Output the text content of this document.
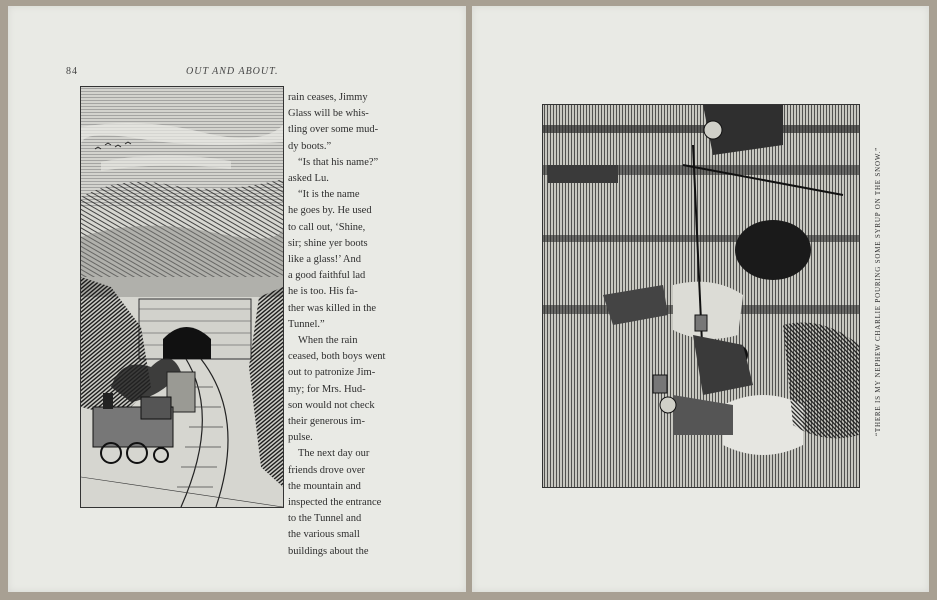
84	OUT AND ABOUT.

rain ceases, Jimmy

Glass will be whis-

tling over some mud-

dy boots.”

“Is that his name?”

asked Lu.

“It is the name

he goes by. He used

to call out, ‘Shine,

sir; shine yer boots

like a glass!’ And

a good faithful lad

he is too. His fa-

ther was killed in the

Tunnel.”

When the rain

ceased, both boys went

out to patronize Jim-

my; for Mrs. Hud-

son would not check

their generous im-

pulse.

The next day our

friends drove over

the mountain and

inspected the entrance

to the Tunnel and

the various small

buildings about the

“THERE IS MY NEPHEW CHARLIE POURING SOME SYRUP ON THE SNOW.”
